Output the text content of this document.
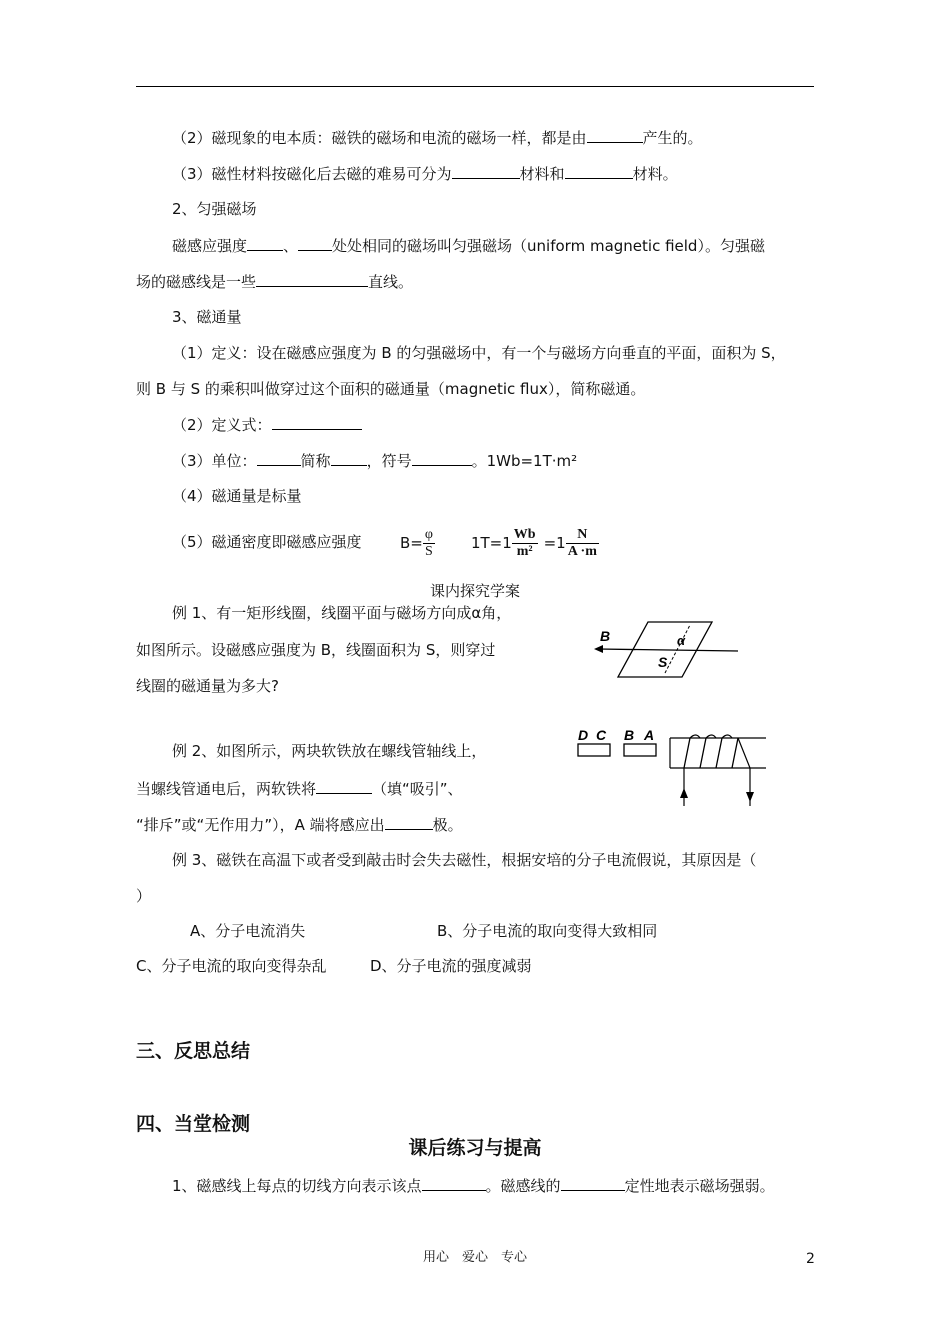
（2）磁现象的电本质：磁铁的磁场和电流的磁场一样，都是由	产生的。
（3）磁性材料按磁化后去磁的难易可分为	材料和	材料。
2、匀强磁场
磁感应强度 、 处处相同的磁场叫匀强磁场（uniform magnetic field）。匀强磁
场的磁感线是一些	直线。
3、磁通量
（1）定义：设在磁感应强度为 B 的匀强磁场中，有一个与磁场方向垂直的平面，面积为 S，
则 B 与 S 的乘积叫做穿过这个面积的磁通量（magnetic flux），简称磁通。
（2）定义式：
（3）单位：	简称 ，符号	。1Wb=1T·m²
（4）磁通量是标量
（5）磁通密度即磁感应强度	$B= \frac{\varphi}{S} 1T=1 \frac{Wb}{\text{m²}} =1 \frac{N}{A \cdot m}$
课内探究学案
例 1、有一矩形线圈，线圈平面与磁场方向成α角，
如图所示。设磁感应强度为 B，线圈面积为 S，则穿过
线圈的磁通量为多大?
B
S
α
例 2、如图所示，两块软铁放在螺线管轴线上，
当螺线管通电后，两软铁将	（填“吸引”、
“排斥”或“无作用力”），A 端将感应出	极。
D C B A
例 3、磁铁在高温下或者受到敲击时会失去磁性，根据安培的分子电流假说，其原因是（
）
A、分子电流消失	B、分子电流的取向变得大致相同
C、分子电流的取向变得杂乱	D、分子电流的强度减弱
三、反思总结
四、当堂检测
课后练习与提高
1、磁感线上每点的切线方向表示该点	。磁感线的	定性地表示磁场强弱。
用心　爱心　专心	2
